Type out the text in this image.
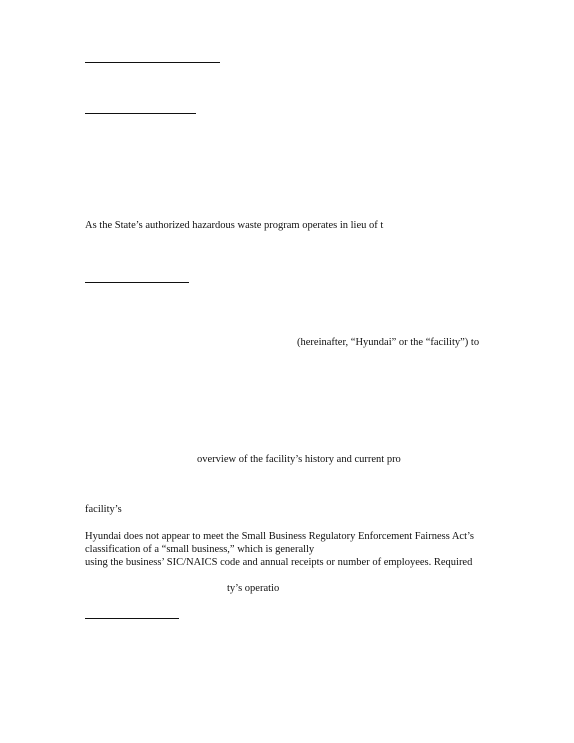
As the State’s authorized hazardous waste program operates in lieu of t
(hereinafter, “Hyundai” or the “facility”) to
overview of the facility’s history and current pro
facility’s
Hyundai does not appear to meet the Small Business Regulatory Enforcement Fairness Act’s
classification of a “small business,” which is generally
using the business’ SIC/NAICS code and annual receipts or number of employees. Required
ty’s operatio
